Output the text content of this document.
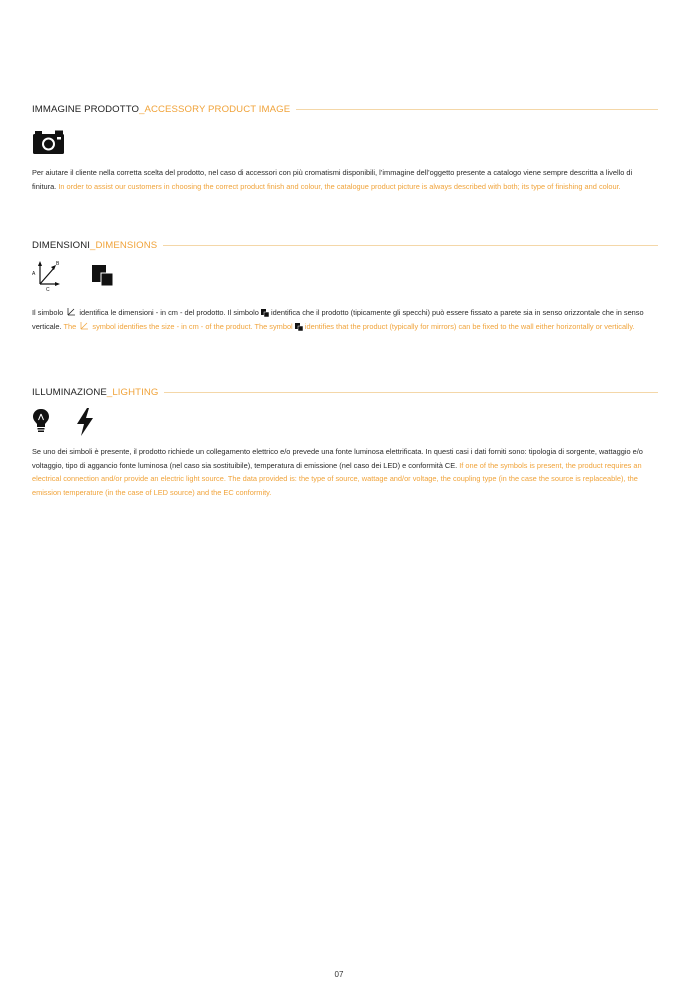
IMMAGINE PRODOTTO _ ACCESSORY PRODUCT IMAGE

Per aiutare il cliente nella corretta scelta del prodotto, nel caso di accessori con più cromatismi disponibili, l’immagine dell’oggetto presente a catalogo viene sempre descritta a livello di finitura. In order to assist our customers in choosing the correct product finish and colour, the catalogue product picture is always described with both; its type of finishing and colour.

DIMENSIONI _ DIMENSIONS
A
B
C

Il simbolo identifica le dimensioni - in cm - del prodotto. Il simbolo identifica che il prodotto (tipicamente gli specchi) può essere fissato a parete sia in senso orizzontale che in senso verticale. The symbol identifies the size - in cm - of the product. The symbol identifies that the product (typically for mirrors) can be fixed to the wall either horizontally or vertically.

ILLUMINAZIONE _ LIGHTING

Se uno dei simboli è presente, il prodotto richiede un collegamento elettrico e/o prevede una fonte luminosa elettrificata. In questi casi i dati forniti sono: tipologia di sorgente, wattaggio e/o voltaggio, tipo di aggancio fonte luminosa (nel caso sia sostituibile), temperatura di emissione (nel caso dei LED) e conformità CE. If one of the symbols is present, the product requires an electrical connection and/or provide an electric light source. The data provided is: the type of source, wattage and/or voltage, the coupling type (in the case the source is replaceable), the emission temperature (in the case of LED source) and the EC conformity.

07
